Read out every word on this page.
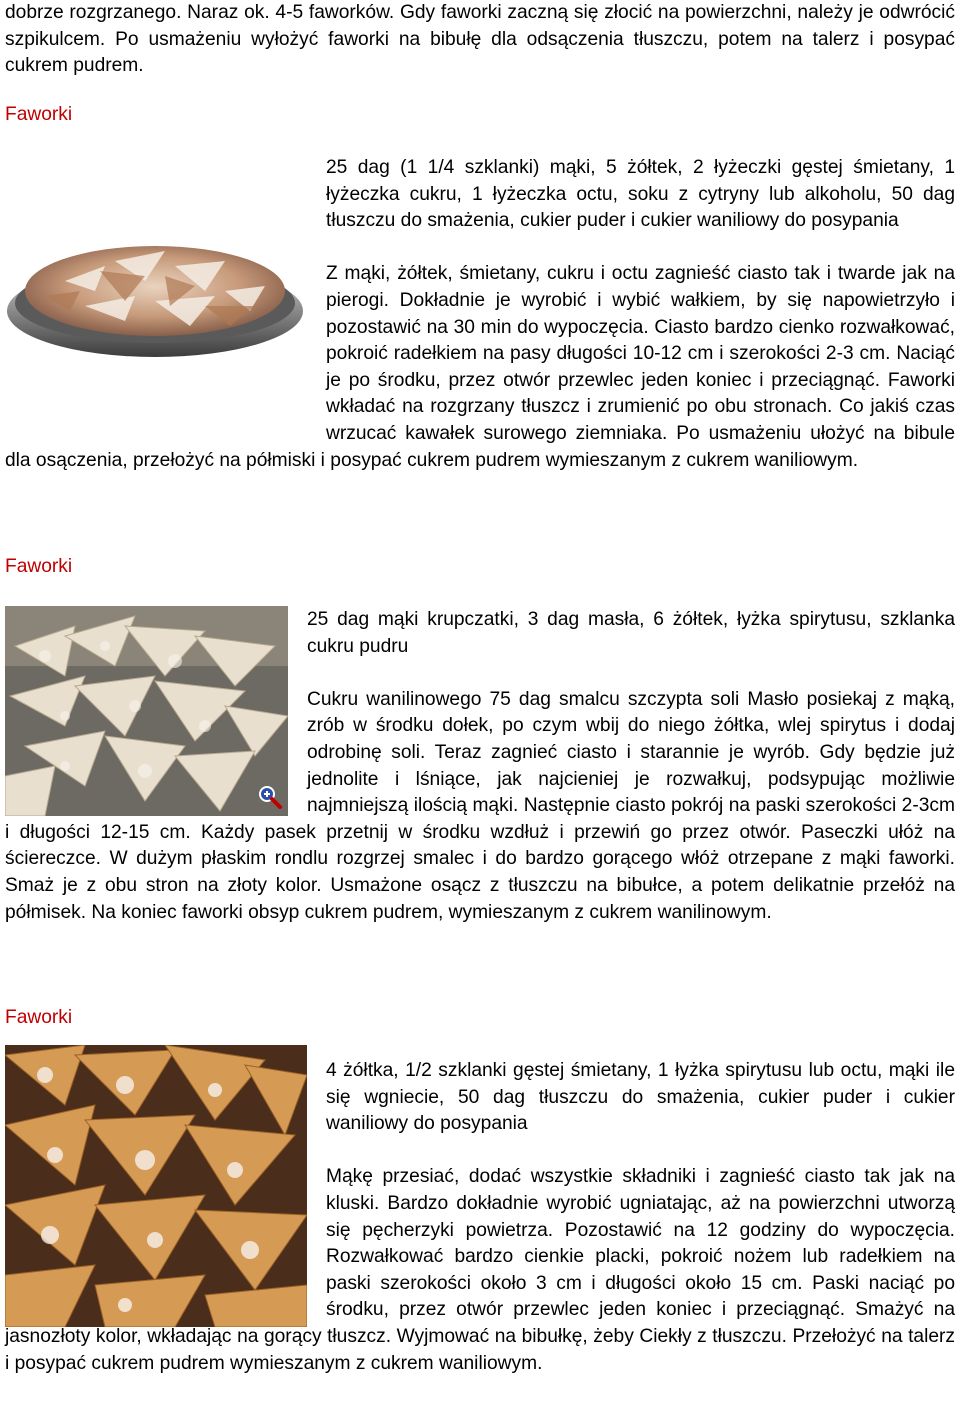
dobrze rozgrzanego. Naraz ok. 4-5 faworków. Gdy faworki zaczną się złocić na powierzchni, należy je odwrócić szpikulcem. Po usmażeniu wyłożyć faworki na bibułę dla odsączenia tłuszczu, potem na talerz i posypać cukrem pudrem.

Faworki

25 dag (1 1/4 szklanki) mąki, 5 żółtek, 2 łyżeczki gęstej śmietany, 1 łyżeczka cukru, 1 łyżeczka octu, soku z cytryny lub alkoholu, 50 dag tłuszczu do smażenia, cukier puder i cukier waniliowy do posypania

Z mąki, żółtek, śmietany, cukru i octu zagnieść ciasto tak i twarde jak na pierogi. Dokładnie je wyrobić i wybić wałkiem, by się napowietrzyło i pozostawić na 30 min do wypoczęcia. Ciasto bardzo cienko rozwałkować, pokroić radełkiem na pasy długości 10-12 cm i szerokości 2-3 cm. Naciąć je po środku, przez otwór przewlec jeden koniec i przeciągnąć. Faworki wkładać na rozgrzany tłuszcz i zrumienić po obu stronach. Co jakiś czas wrzucać kawałek surowego ziemniaka. Po usmażeniu ułożyć na bibule dla osączenia, przełożyć na półmiski i posypać cukrem pudrem wymieszanym z cukrem waniliowym.

Faworki

25 dag mąki krupczatki, 3 dag masła, 6 żółtek, łyżka spirytusu, szklanka cukru pudru

Cukru wanilinowego 75 dag smalcu szczypta soli Masło posiekaj z mąką, zrób w środku dołek, po czym wbij do niego żółtka, wlej spirytus i dodaj odrobinę soli. Teraz zagnieć ciasto i starannie je wyrób. Gdy będzie już jednolite i lśniące, jak najcieniej je rozwałkuj, podsypując możliwie najmniejszą ilością mąki. Następnie ciasto pokrój na paski szerokości 2-3cm i długości 12-15 cm. Każdy pasek przetnij w środku wzdłuż i przewiń go przez otwór. Paseczki ułóż na ściereczce. W dużym płaskim rondlu rozgrzej smalec i do bardzo gorącego włóż otrzepane z mąki faworki. Smaż je z obu stron na złoty kolor. Usmażone osącz z tłuszczu na bibułce, a potem delikatnie przełóż na półmisek. Na koniec faworki obsyp cukrem pudrem, wymieszanym z cukrem wanilinowym.

Faworki

4 żółtka, 1/2 szklanki gęstej śmietany, 1 łyżka spirytusu lub octu, mąki ile się wgniecie, 50 dag tłuszczu do smażenia, cukier puder i cukier waniliowy do posypania

Mąkę przesiać, dodać wszystkie składniki i zagnieść ciasto tak jak na kluski. Bardzo dokładnie wyrobić ugniatając, aż na powierzchni utworzą się pęcherzyki powietrza. Pozostawić na 12 godziny do wypoczęcia. Rozwałkować bardzo cienkie placki, pokroić nożem lub radełkiem na paski szerokości około 3 cm i długości około 15 cm. Paski naciąć po środku, przez otwór przewlec jeden koniec i przeciągnąć. Smażyć na jasnozłoty kolor, wkładając na gorący tłuszcz. Wyjmować na bibułkę, żeby Ciekły z tłuszczu. Przełożyć na talerz i posypać cukrem pudrem wymieszanym z cukrem waniliowym.
